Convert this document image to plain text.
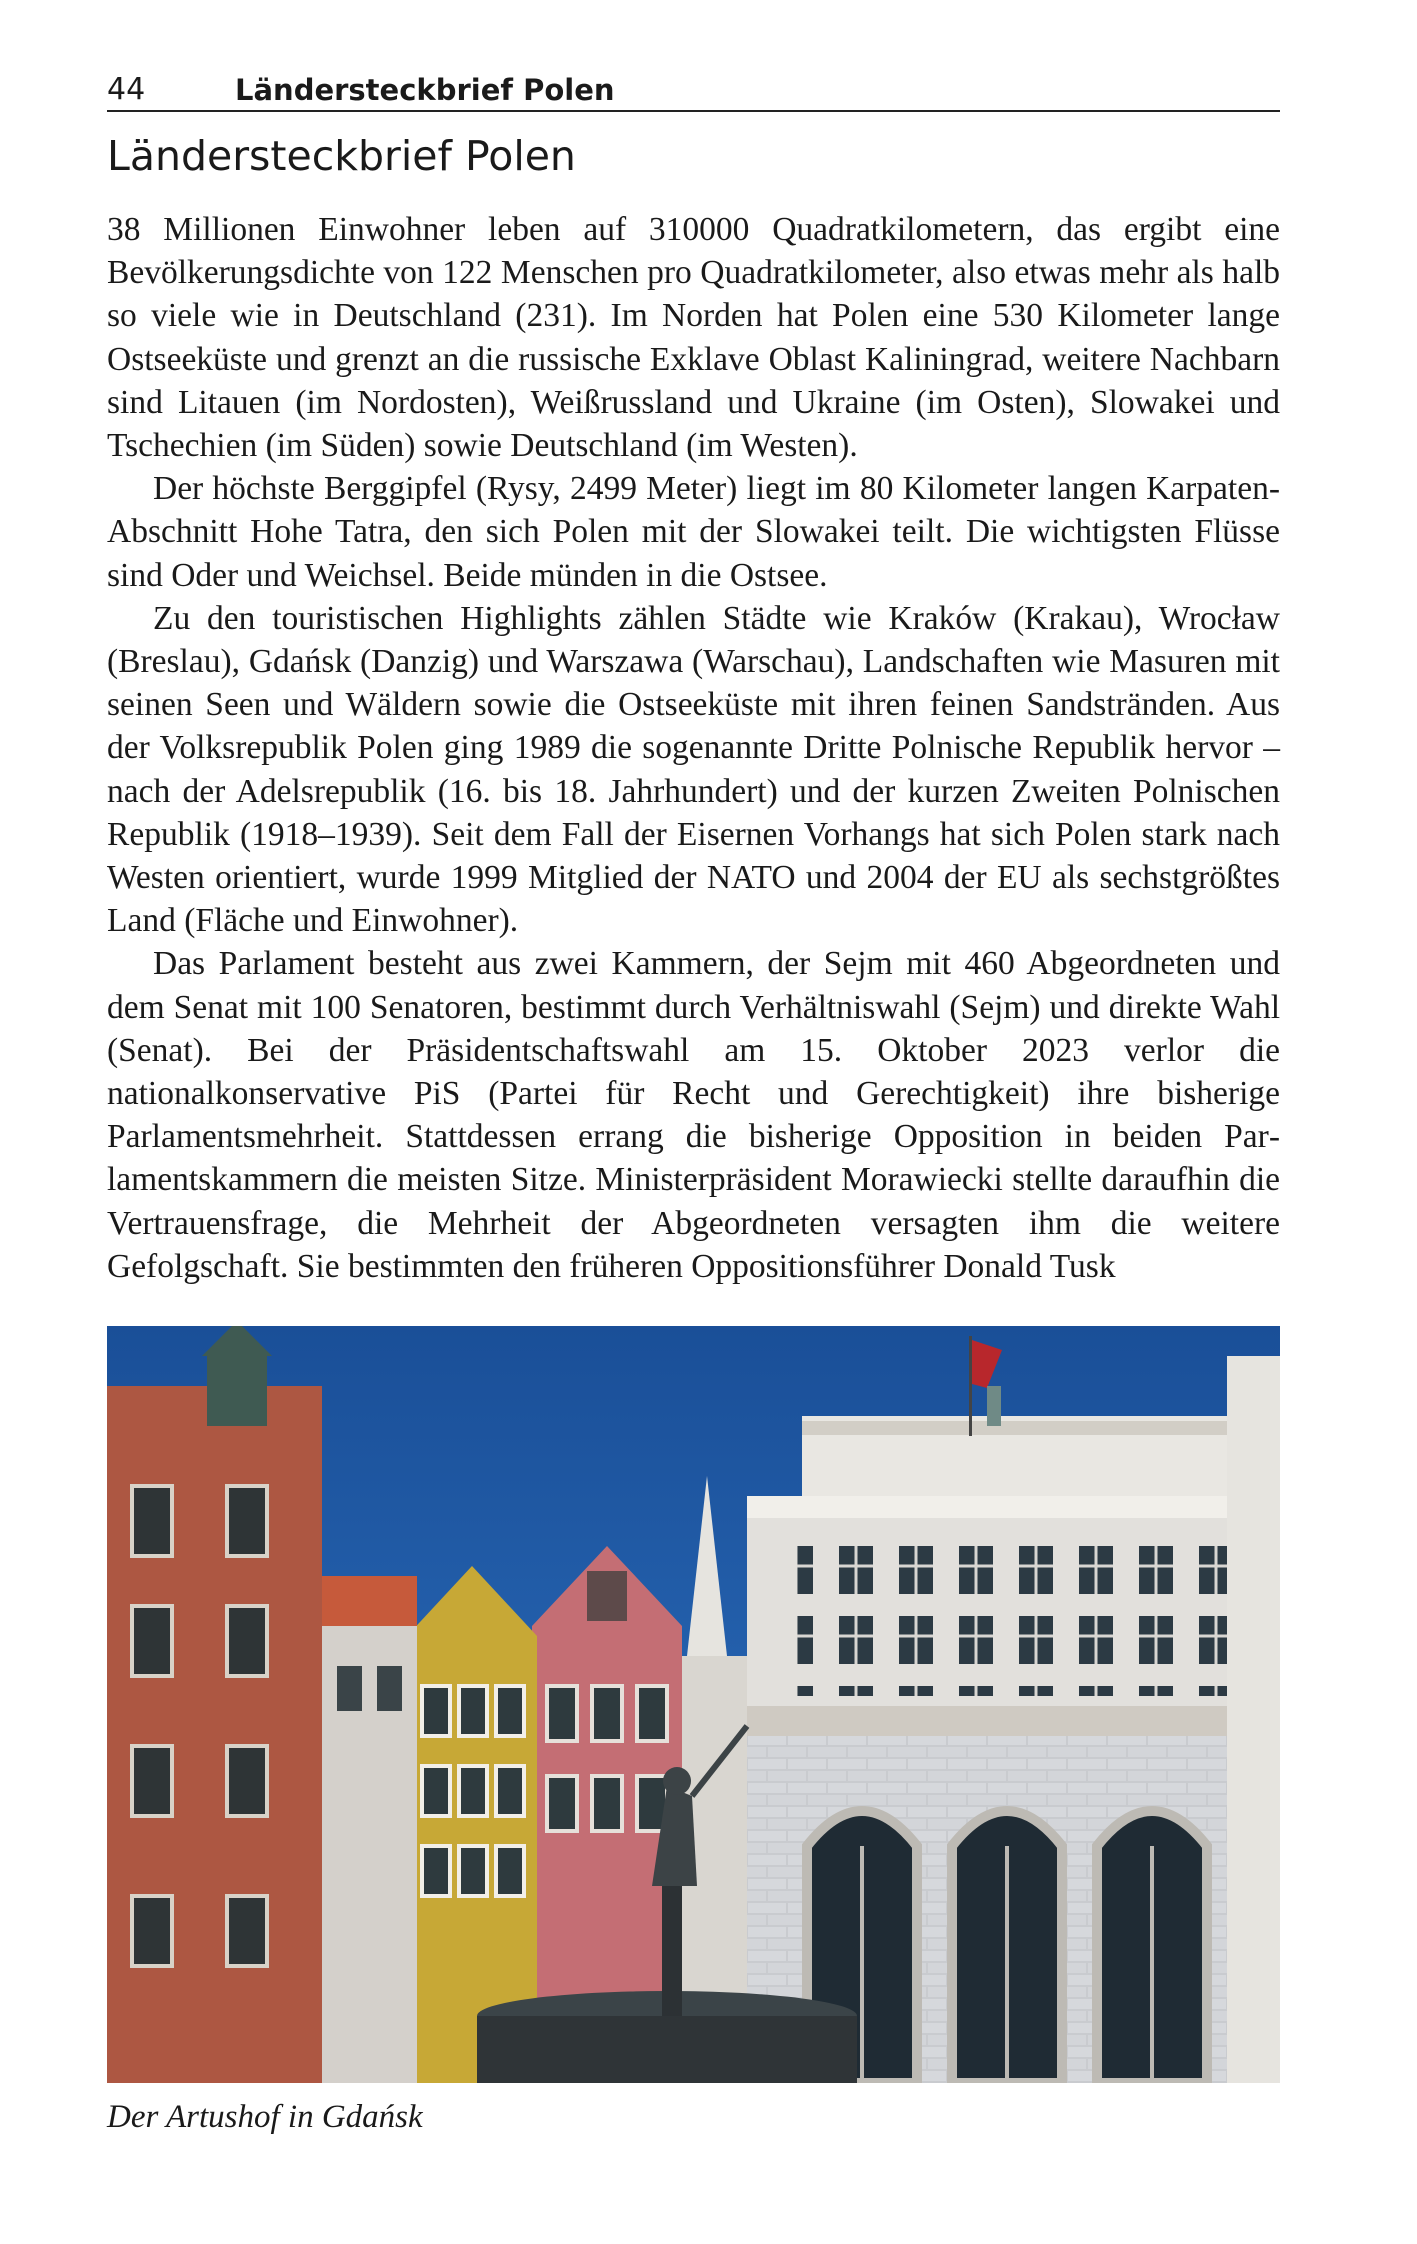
44	Ländersteckbrief Polen
Ländersteckbrief Polen

38 Millionen Einwohner leben auf 310000 Quadratkilometern, das ergibt eine Bevölkerungsdichte von 122 Menschen pro Quadratkilometer, also etwas mehr als halb so viele wie in Deutschland (231). Im Norden hat Polen eine 530 Kilometer lange Ostseeküste und grenzt an die russische Exklave Oblast Kaliningrad, weitere Nachbarn sind Litauen (im Nordosten), Weißrussland und Ukraine (im Osten), Slowakei und Tschechien (im Süden) sowie Deutschland (im Westen).

Der höchste Berggipfel (Rysy, 2499 Meter) liegt im 80 Kilometer langen Karpaten-Abschnitt Hohe Tatra, den sich Polen mit der Slowakei teilt. Die wichtigsten Flüsse sind Oder und Weichsel. Beide münden in die Ostsee.

Zu den touristischen Highlights zählen Städte wie Kraków (Krakau), Wrocław (Breslau), Gdańsk (Danzig) und Warszawa (Warschau), Landschaften wie Masuren mit seinen Seen und Wäldern sowie die Ostseeküste mit ihren feinen Sandstränden. Aus der Volksrepublik Polen ging 1989 die sogenannte Dritte Polnische Republik hervor – nach der Adelsrepublik (16. bis 18. Jahrhundert) und der kurzen Zweiten Polnischen Republik (1918–1939). Seit dem Fall der Eisernen Vorhangs hat sich Polen stark nach Westen orientiert, wurde 1999 Mitglied der NATO und 2004 der EU als sechstgrößtes Land (Fläche und Einwohner).

Das Parlament besteht aus zwei Kammern, der Sejm mit 460 Abgeordneten und dem Senat mit 100 Senatoren, bestimmt durch Verhältniswahl (Sejm) und direkte Wahl (Senat). Bei der Präsidentschaftswahl am 15. Oktober 2023 verlor die nationalkonservative PiS (Partei für Recht und Gerechtigkeit) ihre bisherige Parlamentsmehrheit. Stattdessen errang die bisherige Opposition in beiden Parlamentskammern die meisten Sitze. Ministerpräsident Morawiecki stellte daraufhin die Vertrauensfrage, die Mehrheit der Abgeordneten versagten ihm die weitere Gefolgschaft. Sie bestimmten den früheren Oppositionsführer Donald Tusk

Der Artushof in Gdańsk
